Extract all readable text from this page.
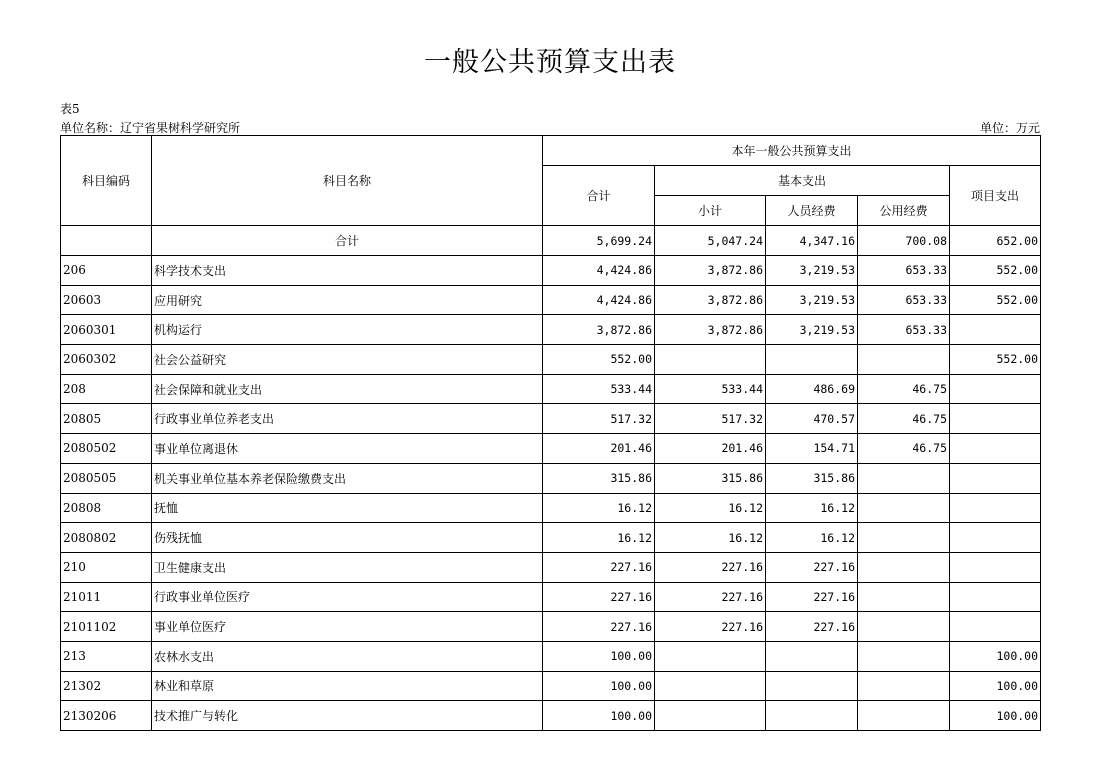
一般公共预算支出表
表5
单位名称：辽宁省果树科学研究所	单位：万元
科目编码	科目名称	本年一般公共预算支出				
		合计	基本支出			项目支出
			小计	人员经费	公用经费	
	合计	5,699.24	5,047.24	4,347.16	700.08	652.00
206	科学技术支出	4,424.86	3,872.86	3,219.53	653.33	552.00
20603	应用研究	4,424.86	3,872.86	3,219.53	653.33	552.00
2060301	机构运行	3,872.86	3,872.86	3,219.53	653.33	
2060302	社会公益研究	552.00				552.00
208	社会保障和就业支出	533.44	533.44	486.69	46.75	
20805	行政事业单位养老支出	517.32	517.32	470.57	46.75	
2080502	事业单位离退休	201.46	201.46	154.71	46.75	
2080505	机关事业单位基本养老保险缴费支出	315.86	315.86	315.86		
20808	抚恤	16.12	16.12	16.12		
2080802	伤残抚恤	16.12	16.12	16.12		
210	卫生健康支出	227.16	227.16	227.16		
21011	行政事业单位医疗	227.16	227.16	227.16		
2101102	事业单位医疗	227.16	227.16	227.16		
213	农林水支出	100.00				100.00
21302	林业和草原	100.00				100.00
2130206	技术推广与转化	100.00				100.00
